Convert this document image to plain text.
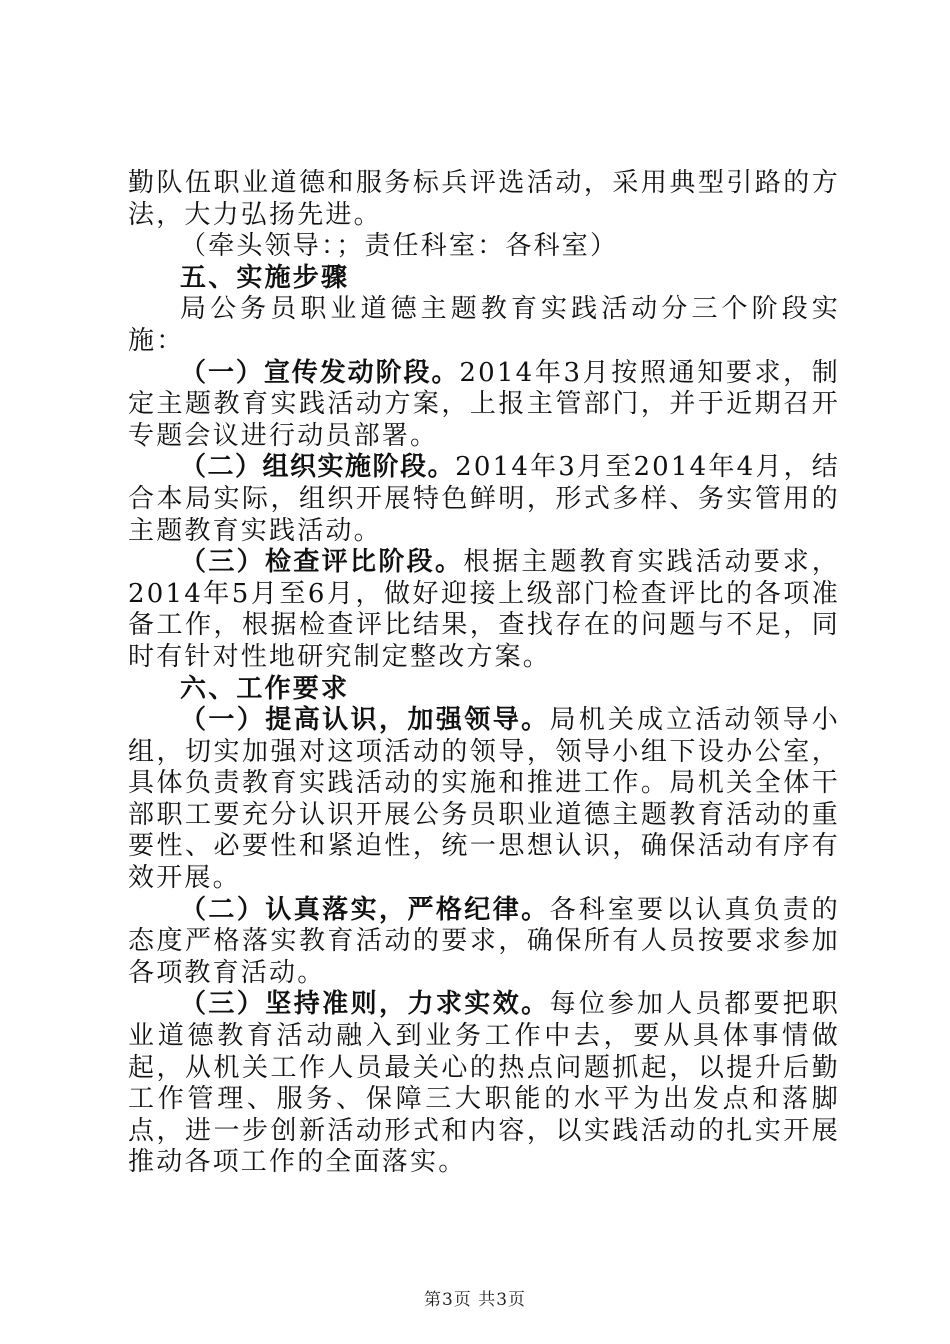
勤队伍职业道德和服务标兵评选活动，采用典型引路的方法，大力弘扬先进。

（牵头领导：；责任科室：各科室）

五、实施步骤

局公务员职业道德主题教育实践活动分三个阶段实施：

（一）宣传发动阶段。2014年3月按照通知要求，制定主题教育实践活动方案，上报主管部门，并于近期召开专题会议进行动员部署。

（二）组织实施阶段。2014年3月至2014年4月，结合本局实际，组织开展特色鲜明，形式多样、务实管用的主题教育实践活动。

（三）检查评比阶段。根据主题教育实践活动要求，2014年5月至6月，做好迎接上级部门检查评比的各项准备工作，根据检查评比结果，查找存在的问题与不足，同时有针对性地研究制定整改方案。

六、工作要求

（一）提高认识，加强领导。局机关成立活动领导小组，切实加强对这项活动的领导，领导小组下设办公室，具体负责教育实践活动的实施和推进工作。局机关全体干部职工要充分认识开展公务员职业道德主题教育活动的重要性、必要性和紧迫性，统一思想认识，确保活动有序有效开展。

（二）认真落实，严格纪律。各科室要以认真负责的态度严格落实教育活动的要求，确保所有人员按要求参加各项教育活动。

（三）坚持准则，力求实效。每位参加人员都要把职业道德教育活动融入到业务工作中去，要从具体事情做起，从机关工作人员最关心的热点问题抓起，以提升后勤工作管理、服务、保障三大职能的水平为出发点和落脚点，进一步创新活动形式和内容，以实践活动的扎实开展推动各项工作的全面落实。

第3页 共3页
